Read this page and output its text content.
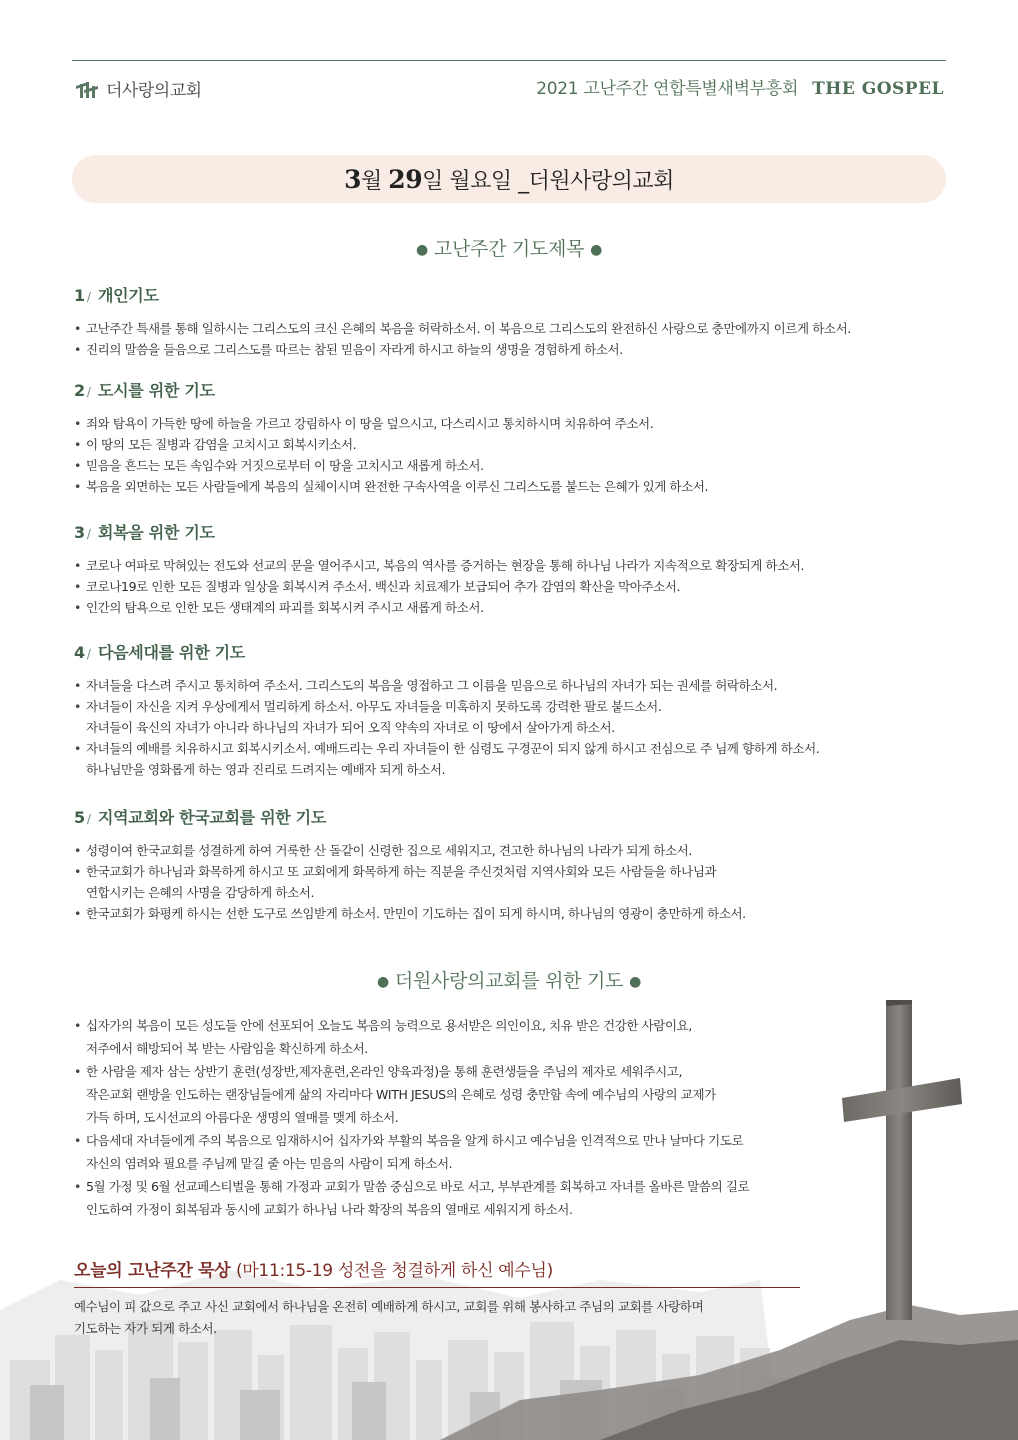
더사랑의교회	2021 고난주간 연합특별새벽부흥회 THE GOSPEL
3 월
29 일
월요일 _더원사랑의교회
● 고난주간 기도제목 ●
1 / 개인기도
• 고난주간 특새를 통해 일하시는 그리스도의 크신 은혜의 복음을 허락하소서. 이 복음으로 그리스도의 완전하신 사랑으로 충만에까지 이르게 하소서.
• 진리의 말씀을 들음으로 그리스도를 따르는 참된 믿음이 자라게 하시고 하늘의 생명을 경험하게 하소서.
2 / 도시를 위한 기도
• 죄와 탐욕이 가득한 땅에 하늘을 가르고 강림하사 이 땅을 덮으시고, 다스리시고 통치하시며 치유하여 주소서.
• 이 땅의 모든 질병과 감염을 고치시고 회복시키소서.
• 믿음을 흔드는 모든 속임수와 거짓으로부터 이 땅을 고치시고 새롭게 하소서.
• 복음을 외면하는 모든 사람들에게 복음의 실체이시며 완전한 구속사역을 이루신 그리스도를 붙드는 은혜가 있게 하소서.
3 / 회복을 위한 기도
• 코로나 여파로 막혀있는 전도와 선교의 문을 열어주시고, 복음의 역사를 증거하는 현장을 통해 하나님 나라가 지속적으로 확장되게 하소서.
• 코로나19로 인한 모든 질병과 일상을 회복시켜 주소서. 백신과 치료제가 보급되어 추가 감염의 확산을 막아주소서.
• 인간의 탐욕으로 인한 모든 생태계의 파괴를 회복시켜 주시고 새롭게 하소서.
4 / 다음세대를 위한 기도
• 자녀들을 다스려 주시고 통치하여 주소서. 그리스도의 복음을 영접하고 그 이름을 믿음으로 하나님의 자녀가 되는 권세를 허락하소서.
• 자녀들이 자신을 지켜 우상에게서 멀리하게 하소서. 아무도 자녀들을 미혹하지 못하도록 강력한 팔로 붙드소서.
자녀들이 육신의 자녀가 아니라 하나님의 자녀가 되어 오직 약속의 자녀로 이 땅에서 살아가게 하소서.
• 자녀들의 예배를 치유하시고 회복시키소서. 예배드리는 우리 자녀들이 한 심령도 구경꾼이 되지 않게 하시고 전심으로 주 님께 향하게 하소서.
하나님만을 영화롭게 하는 영과 진리로 드려지는 예배자 되게 하소서.
5 / 지역교회와 한국교회를 위한 기도
• 성령이여 한국교회를 성결하게 하여 거룩한 산 돌같이 신령한 집으로 세워지고, 견고한 하나님의 나라가 되게 하소서.
• 한국교회가 하나님과 화목하게 하시고 또 교회에게 화목하게 하는 직분을 주신것처럼 지역사회와 모든 사람들을 하나님과
연합시키는 은혜의 사명을 감당하게 하소서.
• 한국교회가 화평케 하시는 선한 도구로 쓰임받게 하소서. 만민이 기도하는 집이 되게 하시며, 하나님의 영광이 충만하게 하소서.
● 더원사랑의교회를 위한 기도 ●
• 십자가의 복음이 모든 성도들 안에 선포되어 오늘도 복음의 능력으로 용서받은 의인이요, 치유 받은 건강한 사람이요,
저주에서 해방되어 복 받는 사람임을 확신하게 하소서.
• 한 사람을 제자 삼는 상반기 훈련(성장반,제자훈련,온라인 양육과정)을 통해 훈련생들을 주님의 제자로 세워주시고,
작은교회 랜방을 인도하는 랜장님들에게 삶의 자리마다 WITH JESUS의 은혜로 성령 충만함 속에 예수님의 사랑의 교제가
가득 하며, 도시선교의 아름다운 생명의 열매를 맺게 하소서.
• 다음세대 자녀들에게 주의 복음으로 임재하시어 십자가와 부활의 복음을 알게 하시고 예수님을 인격적으로 만나 날마다 기도로
자신의 염려와 필요를 주님께 맡길 줄 아는 믿음의 사람이 되게 하소서.
• 5월 가정 및 6월 선교페스티벌을 통해 가정과 교회가 말씀 중심으로 바로 서고, 부부관계를 회복하고 자녀를 올바른 말씀의 길로
인도하여 가정이 회복됨과 동시에 교회가 하나님 나라 확장의 복음의 열매로 세워지게 하소서.
오늘의 고난주간 묵상 (마11:15-19 성전을 청결하게 하신 예수님)
예수님이 피 값으로 주고 사신 교회에서 하나님을 온전히 예배하게 하시고, 교회를 위해 봉사하고 주님의 교회를 사랑하며
기도하는 자가 되게 하소서.
